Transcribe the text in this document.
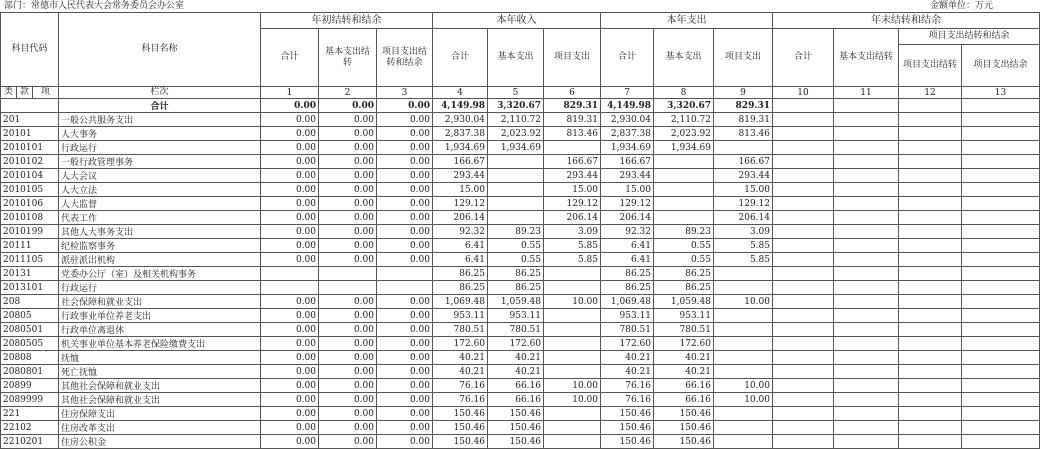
部门：常德市人民代表大会常务委员会办公室	金额单位：万元
科目代码			科目名称	年初结转和结余			本年收入			本年支出			年末结转和结余			
				合计	基本支出结转	项目支出结转和结余	合计	基本支出	项目支出	合计	基本支出	项目支出	合计	基本支出结转	项目支出结转和结余	
															项目支出结转	项目支出结余
类	款	项	栏次	1	2	3	4	5	6	7	8	9	10	11	12	13
			合计	0.00	0.00	0.00	4,149.98	3,320.67	829.31	4,149.98	3,320.67	829.31				
201			一般公共服务支出	0.00	0.00	0.00	2,930.04	2,110.72	819.31	2,930.04	2,110.72	819.31				
20101			人大事务	0.00	0.00	0.00	2,837.38	2,023.92	813.46	2,837.38	2,023.92	813.46				
2010101			行政运行	0.00	0.00	0.00	1,934.69	1,934.69		1,934.69	1,934.69					
2010102			一般行政管理事务	0.00	0.00	0.00	166.67		166.67	166.67		166.67				
2010104			人大会议	0.00	0.00	0.00	293.44		293.44	293.44		293.44				
2010105			人大立法	0.00	0.00	0.00	15.00		15.00	15.00		15.00				
2010106			人大监督	0.00	0.00	0.00	129.12		129.12	129.12		129.12				
2010108			代表工作	0.00	0.00	0.00	206.14		206.14	206.14		206.14				
2010199			其他人大事务支出	0.00	0.00	0.00	92.32	89.23	3.09	92.32	89.23	3.09				
20111			纪检监察事务	0.00	0.00	0.00	6.41	0.55	5.85	6.41	0.55	5.85				
2011105			派驻派出机构	0.00	0.00	0.00	6.41	0.55	5.85	6.41	0.55	5.85				
20131			党委办公厅（室）及相关机构事务				86.25	86.25		86.25	86.25					
2013101			行政运行				86.25	86.25		86.25	86.25					
208			社会保障和就业支出	0.00	0.00	0.00	1,069.48	1,059.48	10.00	1,069.48	1,059.48	10.00				
20805			行政事业单位养老支出	0.00	0.00	0.00	953.11	953.11		953.11	953.11					
2080501			行政单位离退休	0.00	0.00	0.00	780.51	780.51		780.51	780.51					
2080505			机关事业单位基本养老保险缴费支出	0.00	0.00	0.00	172.60	172.60		172.60	172.60					
20808			抚恤	0.00	0.00	0.00	40.21	40.21		40.21	40.21					
2080801			死亡抚恤	0.00	0.00	0.00	40.21	40.21		40.21	40.21					
20899			其他社会保障和就业支出	0.00	0.00	0.00	76.16	66.16	10.00	76.16	66.16	10.00				
2089999			其他社会保障和就业支出	0.00	0.00	0.00	76.16	66.16	10.00	76.16	66.16	10.00				
221			住房保障支出	0.00	0.00	0.00	150.46	150.46		150.46	150.46					
22102			住房改革支出	0.00	0.00	0.00	150.46	150.46		150.46	150.46					
2210201			住房公积金	0.00	0.00	0.00	150.46	150.46		150.46	150.46					
